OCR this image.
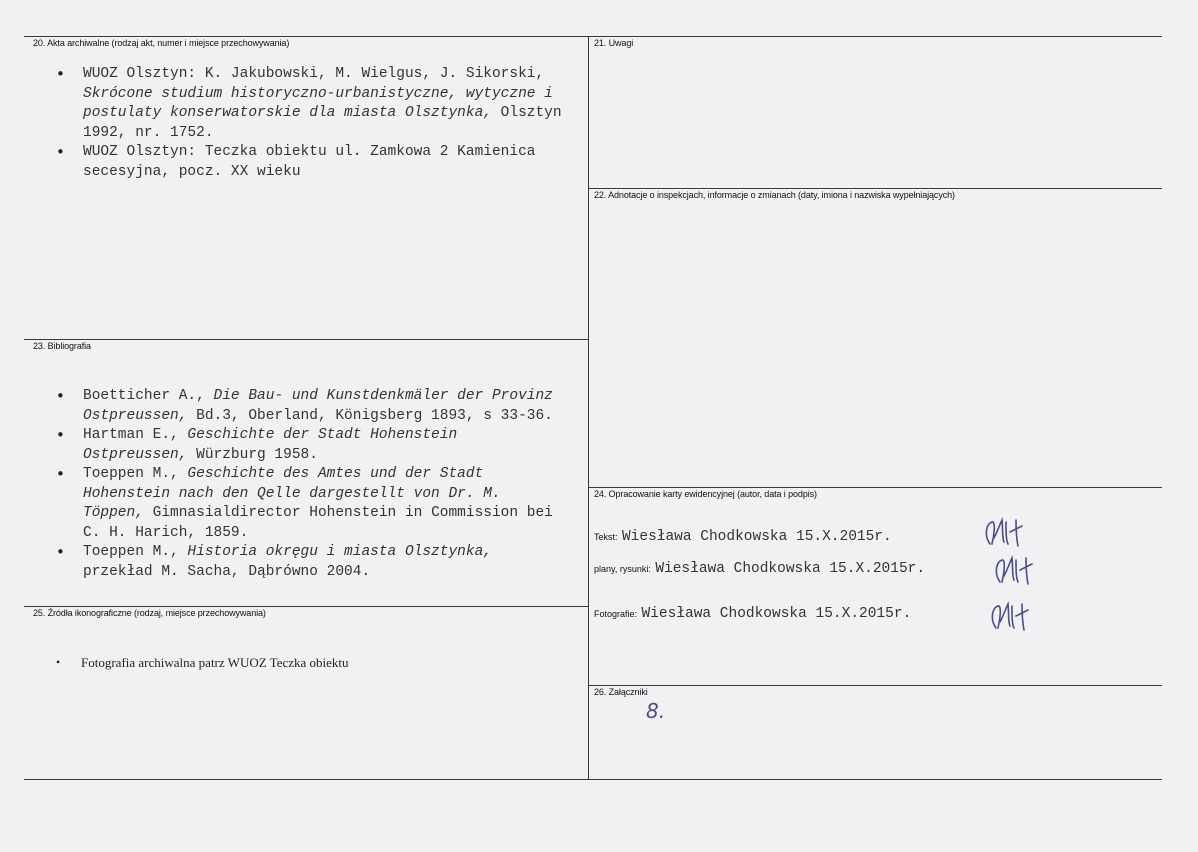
20. Akta archiwalne (rodzaj akt, numer i miejsce przechowywania)
• WUOZ Olsztyn: K. Jakubowski, M. Wielgus, J. Sikorski, Skrócone studium historyczno-urbanistyczne, wytyczne i postulaty konserwatorskie dla miasta Olsztynka, Olsztyn 1992, nr. 1752.
• WUOZ Olsztyn: Teczka obiektu ul. Zamkowa 2 Kamienica secesyjna, pocz. XX wieku
21. Uwagi
22. Adnotacje o inspekcjach, informacje o zmianach (daty, imiona i nazwiska wypełniających)
23. Bibliografia
• Boetticher A., Die Bau- und Kunstdenkmäler der Provinz Ostpreussen, Bd.3, Oberland, Königsberg 1893, s 33-36.
• Hartman E., Geschichte der Stadt Hohenstein Ostpreussen, Würzburg 1958.
• Toeppen M., Geschichte des Amtes und der Stadt Hohenstein nach den Qelle dargestellt von Dr. M. Töppen, Gimnasialdirector Hohenstein in Commission bei C. H. Harich, 1859.
• Toeppen M., Historia okręgu i miasta Olsztynka, przekład M. Sacha, Dąbrówno 2004.
24. Opracowanie karty ewidencyjnej (autor, data i podpis)
Tekst: Wiesława Chodkowska 15.X.2015r.
plany, rysunki: Wiesława Chodkowska 15.X.2015r.
Fotografie: Wiesława Chodkowska 15.X.2015r.
25. Źródła ikonograficzne (rodzaj, miejsce przechowywania)
• Fotografia archiwalna patrz WUOZ Teczka obiektu
26. Załączniki
8.
